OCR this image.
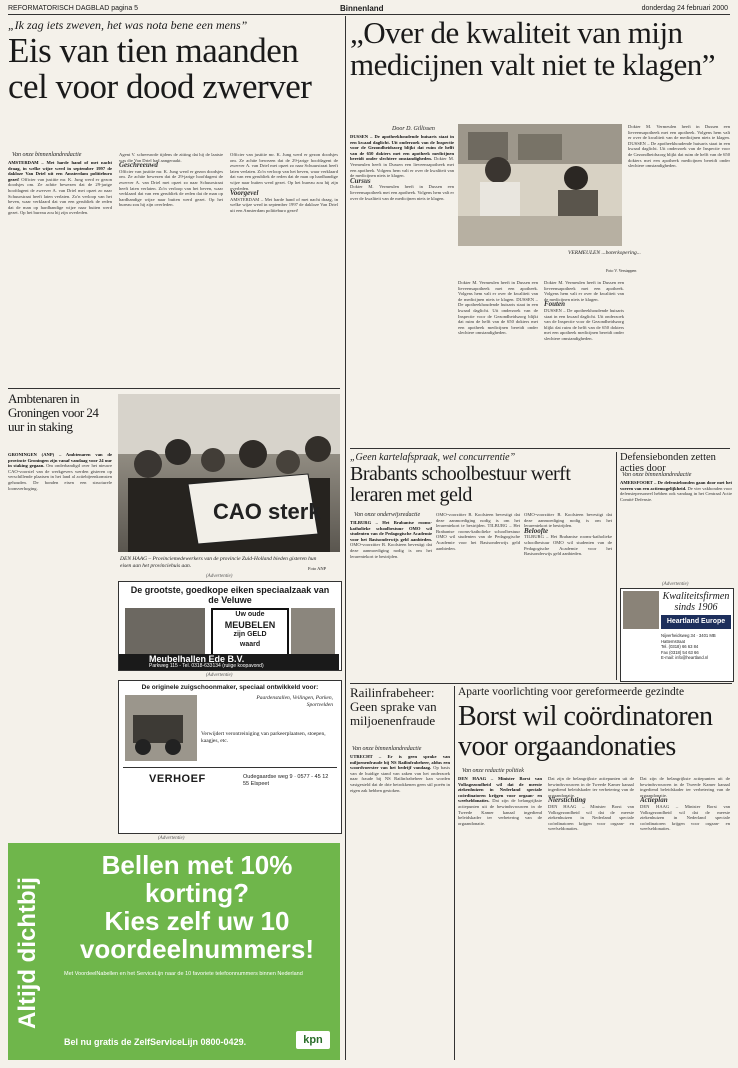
REFORMATORISCH DAGBLAD pagina 5	Binnenland	donderdag 24 februari 2000
„Ik zag iets zweven, het was nota bene een mens”
Eis van tien maanden cel voor dood zwerver
Van onze binnenlandredactie
AMSTERDAM – Met harde hand of met nacht draag, in welke wijze werd in september 1997 de dakloze Van Driel uit een Amsterdam politieburo gezet! Officier van justitie mr. K. Jung werd er gezon doodsjes om. Ze achtte bewezen dat de 29-jarige hoofdagent de zwerver A. van Driel met opzet zo naar Schuurstraat heeft laten verlaten. Zo'n verloop van het beven, waar verklaard dat van een gerubliek de reden dat de man op hardhandige wijze naar buiten werd gezet. Op het bureau zou hij zijn overleden.
Agent V. schreeuwde tijdens de zitting dat hij de laatste was die Van Driel had aangeraakt.
Geschreeuwd
Officier van justitie mr. K. Jung werd er gezon doodsjes om. Ze achtte bewezen dat de 29-jarige hoofdagent de zwerver A. van Driel met opzet zo naar Schuurstraat heeft laten verlaten. Zo'n verloop van het beven, waar verklaard dat van een gerubliek de reden dat de man op hardhandige wijze naar buiten werd gezet. Op het bureau zou hij zijn overleden.
Officier van justitie mr. K. Jung werd er gezon doodsjes om. Ze achtte bewezen dat de 29-jarige hoofdagent de zwerver A. van Driel met opzet zo naar Schuurstraat heeft laten verlaten. Zo'n verloop van het beven, waar verklaard dat van een gerubliek de reden dat de man op hardhandige wijze naar buiten werd gezet. Op het bureau zou hij zijn overleden.
Voorgevel
AMSTERDAM – Met harde hand of met nacht draag, in welke wijze werd in september 1997 de dakloze Van Driel uit een Amsterdam politieburo gezet!
Ambtenaren in Groningen voor 24 uur in staking
GRONINGEN (ANP) – Ambtenaren van de provincie Groningen zijn vanaf vandaag voor 24 uur in staking gegaan. Om onderbandigd over het nieuwe CAO-voorstel van de werkgevers werden gisteren op verschillende plaatsen in het land al actiebijeenkomsten gehouden. De bonden eisen een structurele loonsverhoging.
CAO sterk
DEN HAAG – Provinciemedewerkers van de provincie Zuid-Holland bieden gisteren hun eisen aan het provinciehuis aan.	Foto ANP
(Advertentie)
De grootste, goedkope eiken speciaalzaak van de Veluwe
Uw oude
MEUBELEN
zijn GELD
waard
Meubelhallen Ede B.V.
Parkweg 115 - Tel. 0318-633134 (ruiige koopavond)
(Advertentie)
De originele zuigschoonmaker, speciaal ontwikkeld voor:
Paardenstallen, Veilingen, Parken, Sportvelden
Verwijdert verontreiniging van parkeerplaatsen, stoepen, kaagjes, etc.
VERHOEF	Oudegaardse weg 9 · 0577 - 45 12 55 Elspeet
(Advertentie)
Altijd dichtbij
Bellen met 10%
korting?
Kies zelf uw 10
voordeelnummers!
Met VoordeelNabellen en het ServiceLijn naar de 10 favoriete telefoonnummers binnen Nederland
Bel nu gratis de ZelfServiceLijn 0800-0429.	kpn
„Over de kwaliteit van mijn medicijnen valt niet te klagen”
Door D. Gillissen
DUSSEN – De apotheekhoudende huisarts staat in een kwaad daglicht. Uit onderzoek van de Inspectie voor de Gezondheidszorg blijkt dat ruim de helft van de 650 dokters met een apotheek medicijnen bereidt onder slechtere omstandigheden. Dokter M. Vermeulen heeft in Dussen een lieveensapotheek met een apotheek. Volgens hem valt er over de kwaliteit van de medicijnen niets te klagen.
Cursus
Dokter M. Vermeulen heeft in Dussen een lieveensapotheek met een apotheek. Volgens hem valt er over de kwaliteit van de medicijnen niets te klagen.
VERMEULEN ...boterkopering...
Foto V. Verstappen
Dokter M. Vermeulen heeft in Dussen een lieveensapotheek met een apotheek. Volgens hem valt er over de kwaliteit van de medicijnen niets te klagen. DUSSEN – De apotheekhoudende huisarts staat in een kwaad daglicht. Uit onderzoek van de Inspectie voor de Gezondheidszorg blijkt dat ruim de helft van de 650 dokters met een apotheek medicijnen bereidt onder slechtere omstandigheden.
Dokter M. Vermeulen heeft in Dussen een lieveensapotheek met een apotheek. Volgens hem valt er over de kwaliteit van de medicijnen niets te klagen.
Fouten
DUSSEN – De apotheekhoudende huisarts staat in een kwaad daglicht. Uit onderzoek van de Inspectie voor de Gezondheidszorg blijkt dat ruim de helft van de 650 dokters met een apotheek medicijnen bereidt onder slechtere omstandigheden.
Dokter M. Vermeulen heeft in Dussen een lieveensapotheek met een apotheek. Volgens hem valt er over de kwaliteit van de medicijnen niets te klagen. DUSSEN – De apotheekhoudende huisarts staat in een kwaad daglicht. Uit onderzoek van de Inspectie voor de Gezondheidszorg blijkt dat ruim de helft van de 650 dokters met een apotheek medicijnen bereidt onder slechtere omstandigheden.
„Geen kartelafspraak, wel concurrentie”
Brabants schoolbestuur werft leraren met geld
Van onze onderwijsredactie
TILBURG – Het Brabantse rooms-katholieke schoolbestuur OMO wil studenten van de Pedagogische Academie voor het Basisonderwijs geld aanbieden. OMO-voorzitter B. Koolsteen bevestigt dat deze aanmoediging nodig is om het lerarentekort te bestrijden.
OMO-voorzitter B. Koolsteen bevestigt dat deze aanmoediging nodig is om het lerarentekort te bestrijden. TILBURG – Het Brabantse rooms-katholieke schoolbestuur OMO wil studenten van de Pedagogische Academie voor het Basisonderwijs geld aanbieden.
OMO-voorzitter B. Koolsteen bevestigt dat deze aanmoediging nodig is om het lerarentekort te bestrijden.
Beloofte
TILBURG – Het Brabantse rooms-katholieke schoolbestuur OMO wil studenten van de Pedagogische Academie voor het Basisonderwijs geld aanbieden.
Defensiebonden zetten acties door
Van onze binnenlandredactie
AMERSFOORT – De defensiebonden gaan door met het voeren van een actiemogelijkheid. De vier vakbonden voor defensiepersoneel hebben ook vandaag in het Centraal Actie Comité Defensie.
(Advertentie)
Kwaliteitsfirmen sinds 1906
Heartland Europe
Nijverheidsweg 34 · 3401 MB Hattemstraat
Tel. (0318) 66 63 84
Fax (0318) 54 63 66
E-mail: info@heartland.nl
Railinfrabeheer: Geen sprake van miljoenenfraude
Van onze binnenlandredactie
UTRECHT – Er is geen sprake van miljoenenfraude bij NS Railinfrabeheer, aldus een woordvoerster van het bedrijf vandaag. Op basis van de huidige stand van zaken van het onderzoek naar fraude bij NS Railinfrabeheer kan worden vastgesteld dat de drie betrokkenen geen stil poeën in eigen zak hebben gestoken.
Aparte voorlichting voor gereformeerde gezindte
Borst wil coördinatoren voor orgaandonaties
Van onze redactie politiek
DEN HAAG – Minister Borst van Volksgezondheid wil dat de meeste ziekenhuizen in Nederland speciale coördinatoren krijgen voor orgaan- en weefseldonaties. Dat zijn de belangrijkste actiepunten uit de bewindsvrouwen in de Tweede Kamer kanaal ingediend beleidskader ter verbetering van de orgaandonatie.
Dat zijn de belangrijkste actiepunten uit de bewindsvrouwen in de Tweede Kamer kanaal ingediend beleidskader ter verbetering van de orgaandonatie.
Nierstichting
DEN HAAG – Minister Borst van Volksgezondheid wil dat de meeste ziekenhuizen in Nederland speciale coördinatoren krijgen voor orgaan- en weefseldonaties.
Dat zijn de belangrijkste actiepunten uit de bewindsvrouwen in de Tweede Kamer kanaal ingediend beleidskader ter verbetering van de orgaandonatie.
Actieplan
DEN HAAG – Minister Borst van Volksgezondheid wil dat de meeste ziekenhuizen in Nederland speciale coördinatoren krijgen voor orgaan- en weefseldonaties.
